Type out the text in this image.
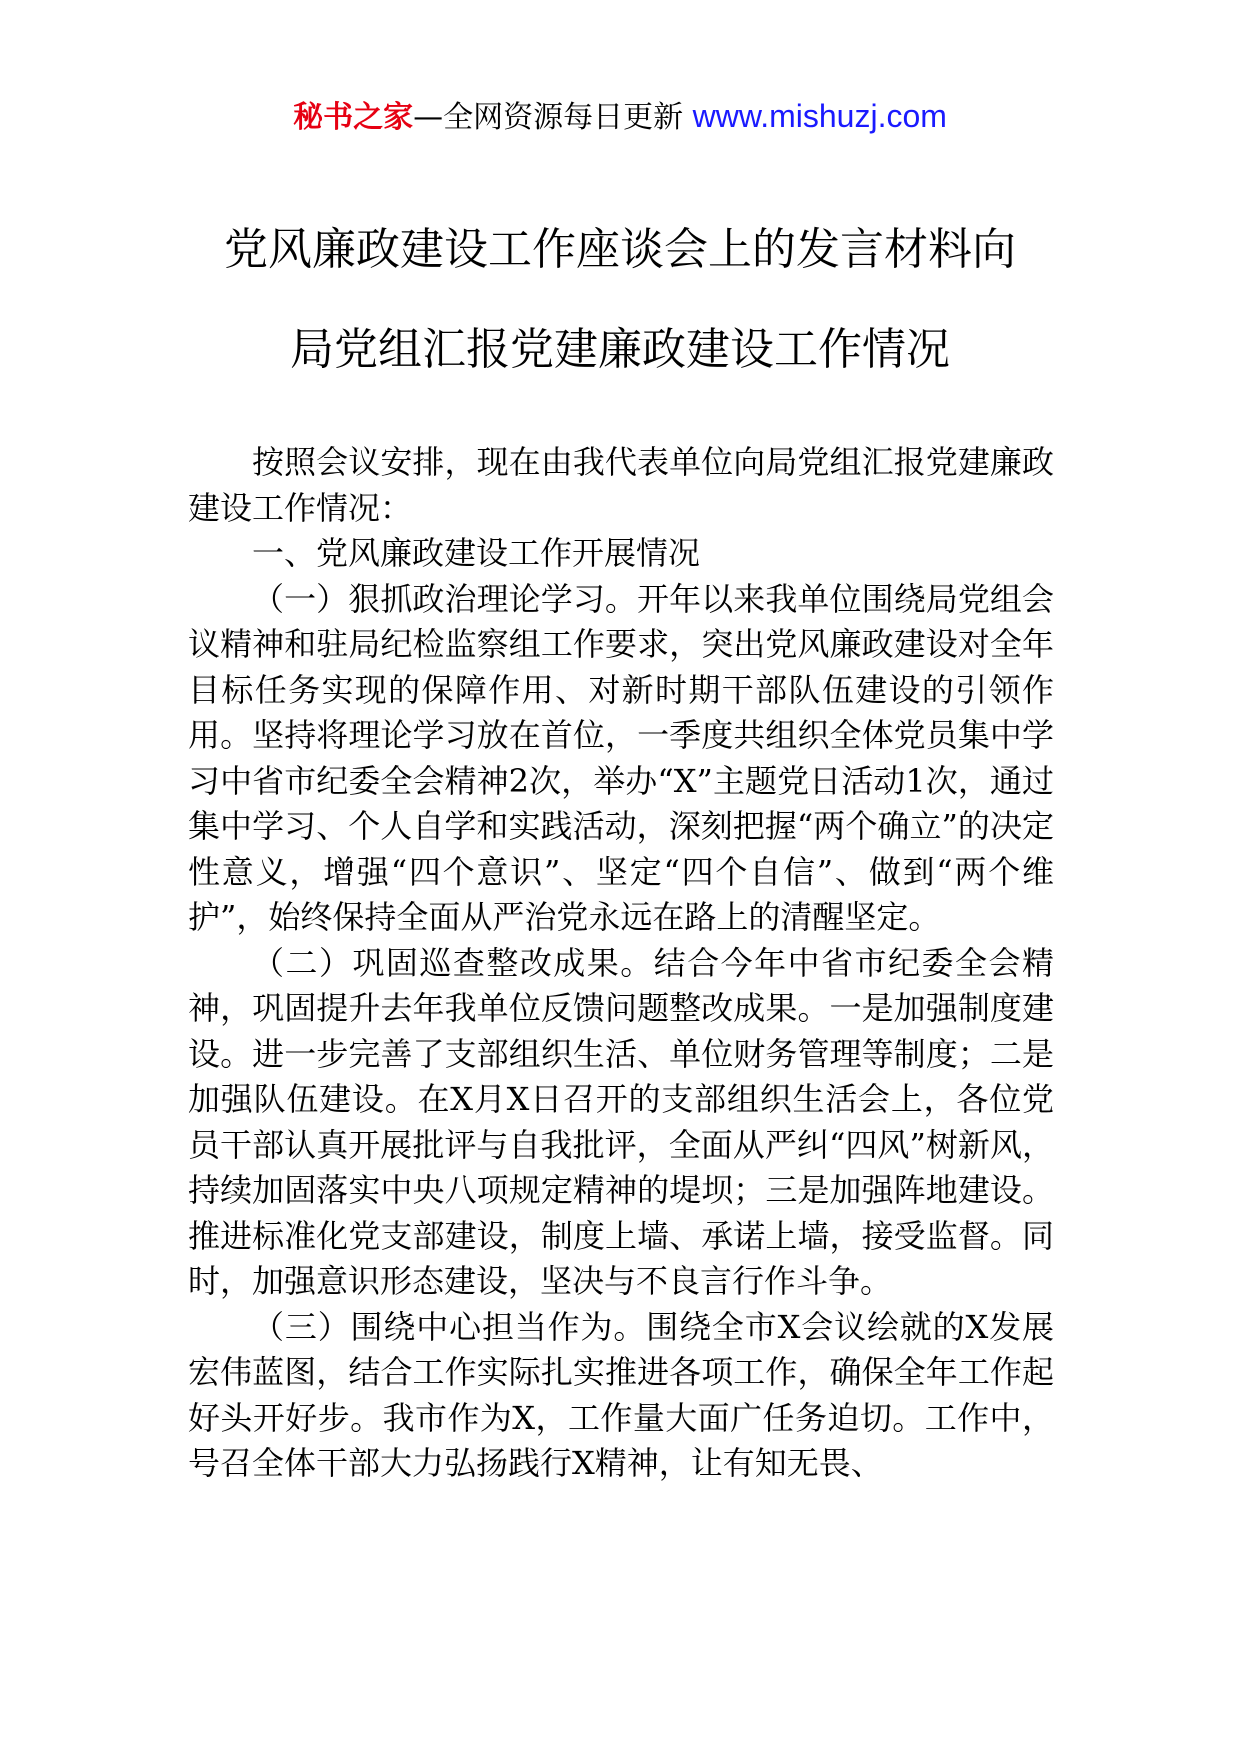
秘书之家—全网资源每日更新 www.mishuzj.com
党风廉政建设工作座谈会上的发言材料向
局党组汇报党建廉政建设工作情况

按照会议安排，现在由我代表单位向局党组汇报党建廉政建设工作情况：

一、党风廉政建设工作开展情况

（一）狠抓政治理论学习。开年以来我单位围绕局党组会议精神和驻局纪检监察组工作要求，突出党风廉政建设对全年目标任务实现的保障作用、对新时期干部队伍建设的引领作用。坚持将理论学习放在首位，一季度共组织全体党员集中学习中省市纪委全会精神2次，举办“X”主题党日活动1次，通过集中学习、个人自学和实践活动，深刻把握“两个确立”的决定性意义，增强“四个意识”、坚定“四个自信”、做到“两个维护”，始终保持全面从严治党永远在路上的清醒坚定。

（二）巩固巡查整改成果。结合今年中省市纪委全会精神，巩固提升去年我单位反馈问题整改成果。一是加强制度建设。进一步完善了支部组织生活、单位财务管理等制度；二是加强队伍建设。在X月X日召开的支部组织生活会上，各位党员干部认真开展批评与自我批评，全面从严纠“四风”树新风，持续加固落实中央八项规定精神的堤坝；三是加强阵地建设。推进标准化党支部建设，制度上墙、承诺上墙，接受监督。同时，加强意识形态建设，坚决与不良言行作斗争。

（三）围绕中心担当作为。围绕全市X会议绘就的X发展宏伟蓝图，结合工作实际扎实推进各项工作，确保全年工作起好头开好步。我市作为X，工作量大面广任务迫切。工作中，号召全体干部大力弘扬践行X精神，让有知无畏、
